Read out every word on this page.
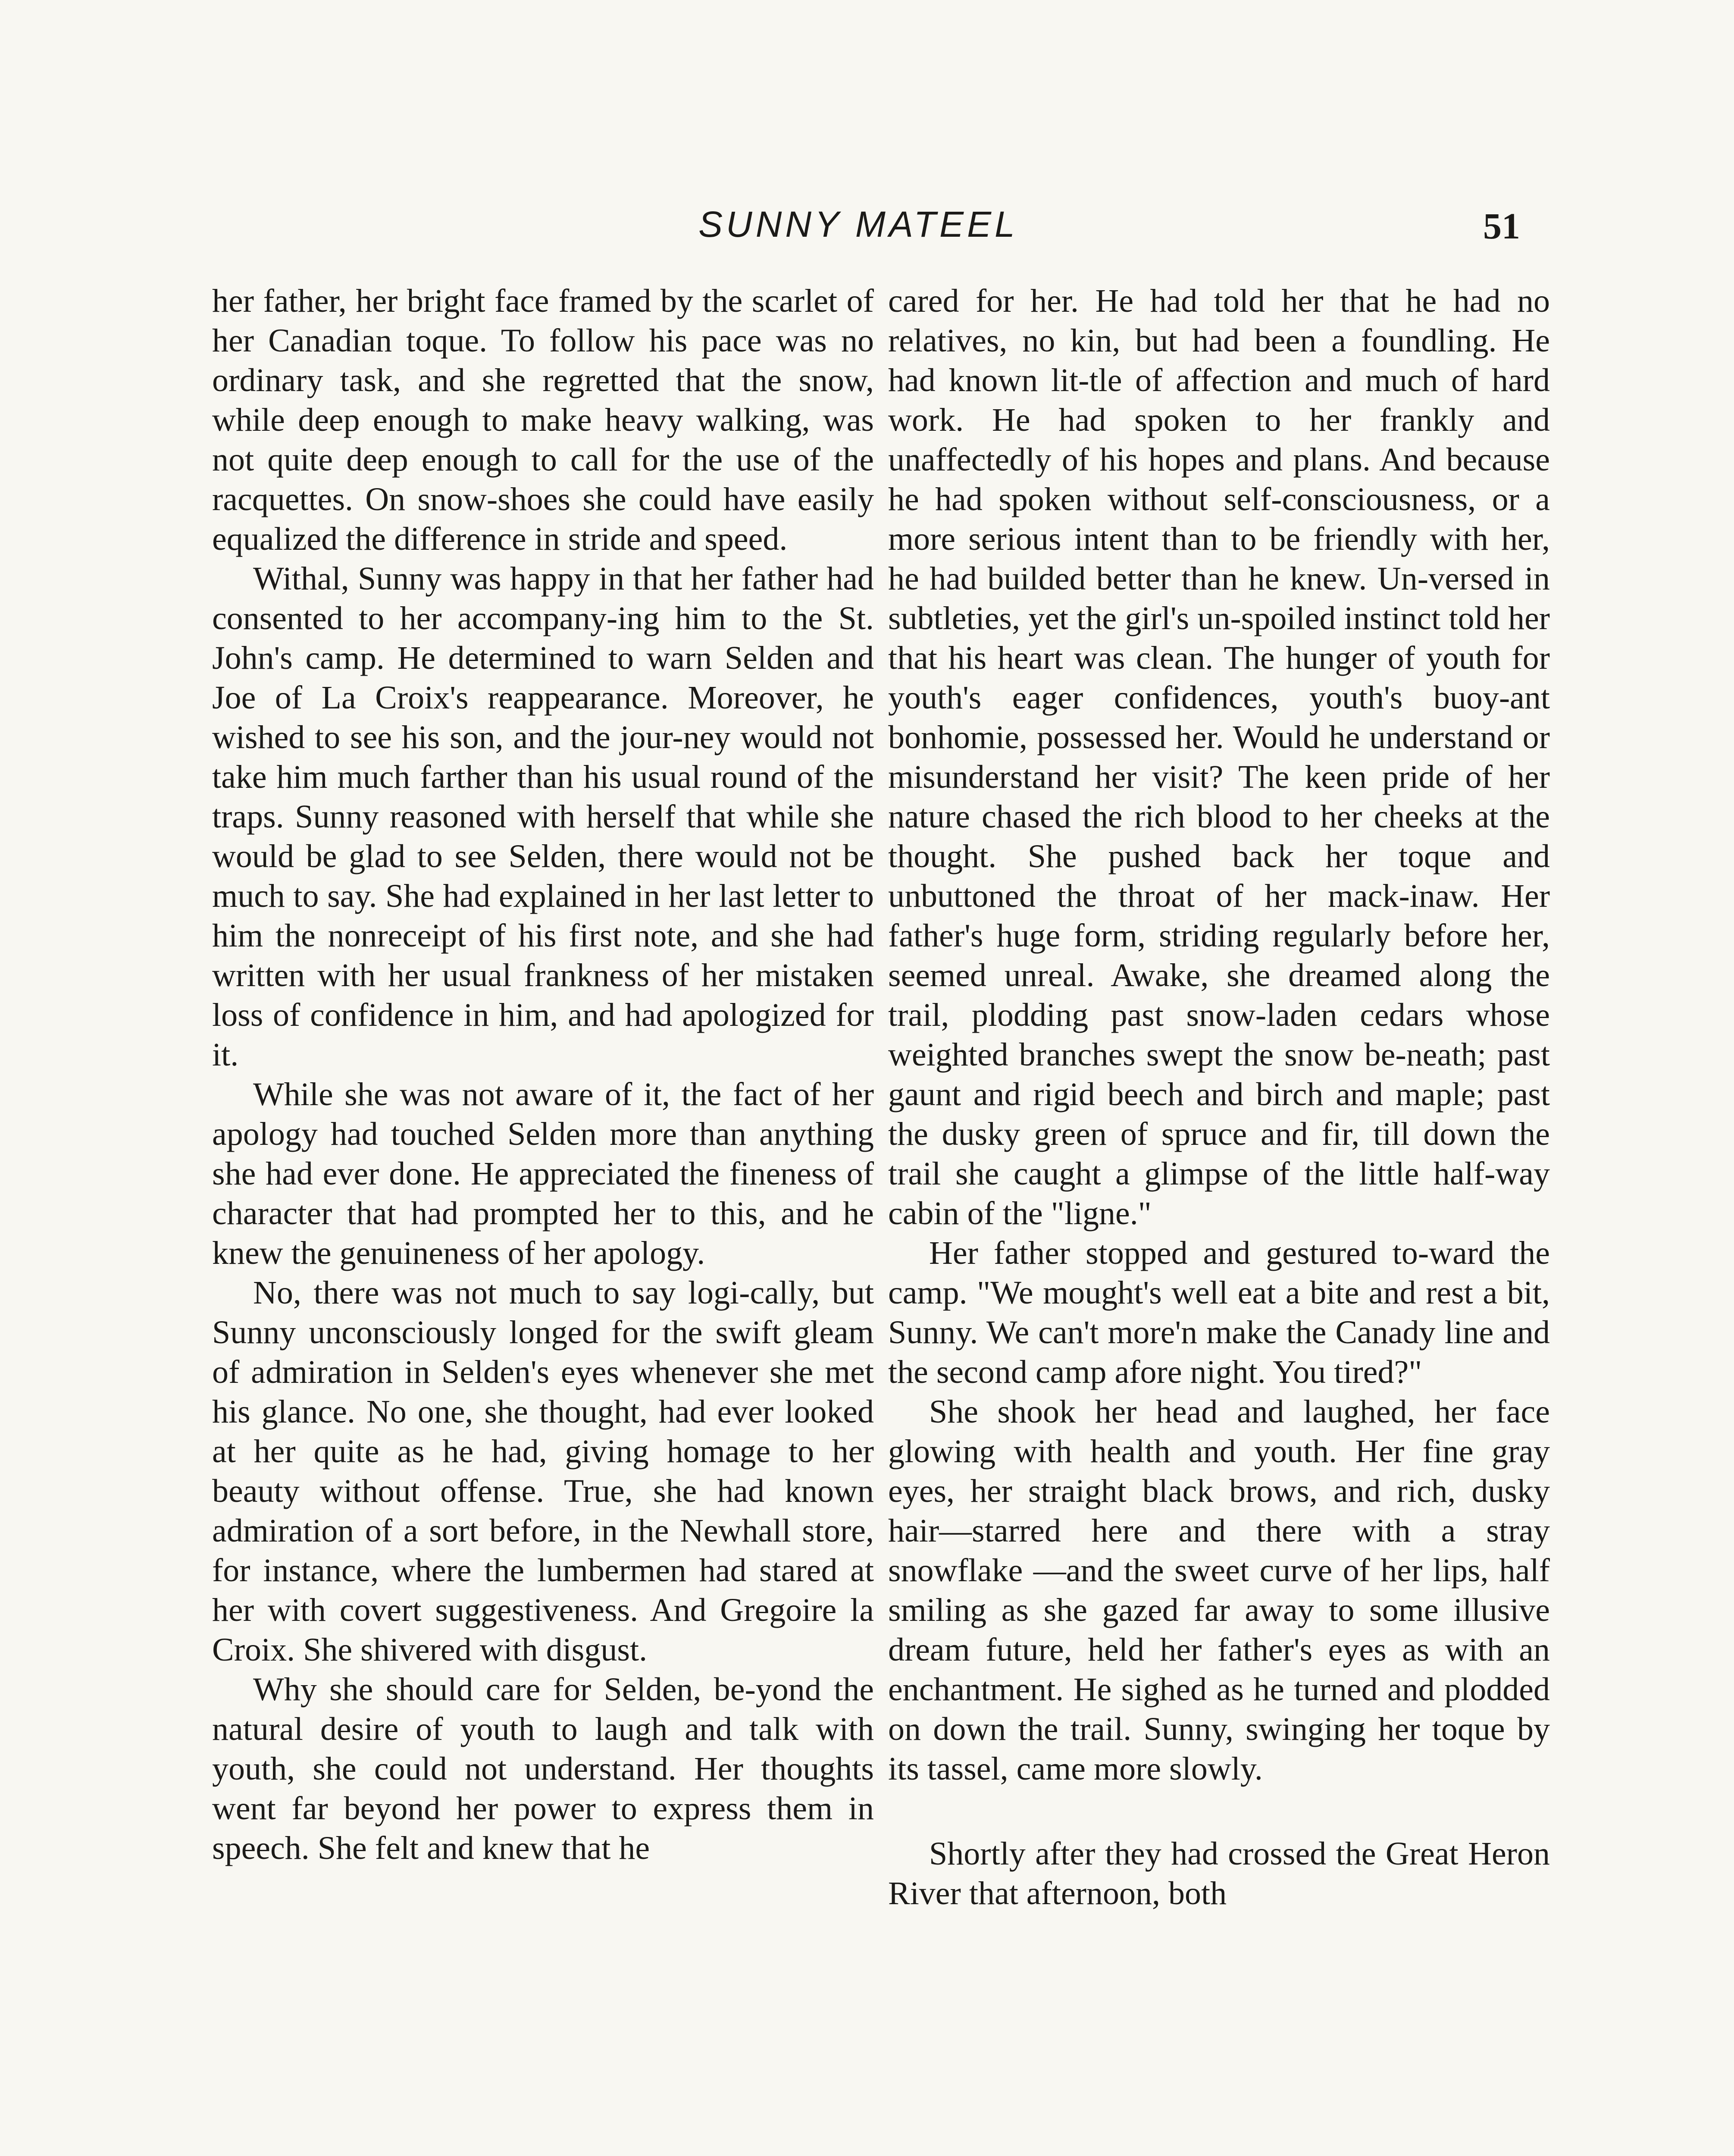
SUNNY MATEEL	51

her father, her bright face framed by the scarlet of her Canadian toque. To follow his pace was no ordinary task, and she regretted that the snow, while deep enough to make heavy walking, was not quite deep enough to call for the use of the racquettes. On snow-shoes she could have easily equalized the difference in stride and speed.

Withal, Sunny was happy in that her father had consented to her accompany-ing him to the St. John's camp. He determined to warn Selden and Joe of La Croix's reappearance. Moreover, he wished to see his son, and the jour-ney would not take him much farther than his usual round of the traps. Sunny reasoned with herself that while she would be glad to see Selden, there would not be much to say. She had explained in her last letter to him the nonreceipt of his first note, and she had written with her usual frankness of her mistaken loss of confidence in him, and had apologized for it.

While she was not aware of it, the fact of her apology had touched Selden more than anything she had ever done. He appreciated the fineness of character that had prompted her to this, and he knew the genuineness of her apology.

No, there was not much to say logi-cally, but Sunny unconsciously longed for the swift gleam of admiration in Selden's eyes whenever she met his glance. No one, she thought, had ever looked at her quite as he had, giving homage to her beauty without offense. True, she had known admiration of a sort before, in the Newhall store, for instance, where the lumbermen had stared at her with covert suggestiveness. And Gregoire la Croix. She shivered with disgust.

Why she should care for Selden, be-yond the natural desire of youth to laugh and talk with youth, she could not understand. Her thoughts went far beyond her power to express them in speech. She felt and knew that he

cared for her. He had told her that he had no relatives, no kin, but had been a foundling. He had known lit-tle of affection and much of hard work. He had spoken to her frankly and unaffectedly of his hopes and plans. And because he had spoken without self-consciousness, or a more serious intent than to be friendly with her, he had builded better than he knew. Un-versed in subtleties, yet the girl's un-spoiled instinct told her that his heart was clean. The hunger of youth for youth's eager confidences, youth's buoy-ant bonhomie, possessed her. Would he understand or misunderstand her visit? The keen pride of her nature chased the rich blood to her cheeks at the thought. She pushed back her toque and unbuttoned the throat of her mack-inaw. Her father's huge form, striding regularly before her, seemed unreal. Awake, she dreamed along the trail, plodding past snow-laden cedars whose weighted branches swept the snow be-neath; past gaunt and rigid beech and birch and maple; past the dusky green of spruce and fir, till down the trail she caught a glimpse of the little half-way cabin of the "ligne."

Her father stopped and gestured to-ward the camp. "We mought's well eat a bite and rest a bit, Sunny. We can't more'n make the Canady line and the second camp afore night. You tired?"

She shook her head and laughed, her face glowing with health and youth. Her fine gray eyes, her straight black brows, and rich, dusky hair—starred here and there with a stray snowflake —and the sweet curve of her lips, half smiling as she gazed far away to some illusive dream future, held her father's eyes as with an enchantment. He sighed as he turned and plodded on down the trail. Sunny, swinging her toque by its tassel, came more slowly.

Shortly after they had crossed the Great Heron River that afternoon, both
